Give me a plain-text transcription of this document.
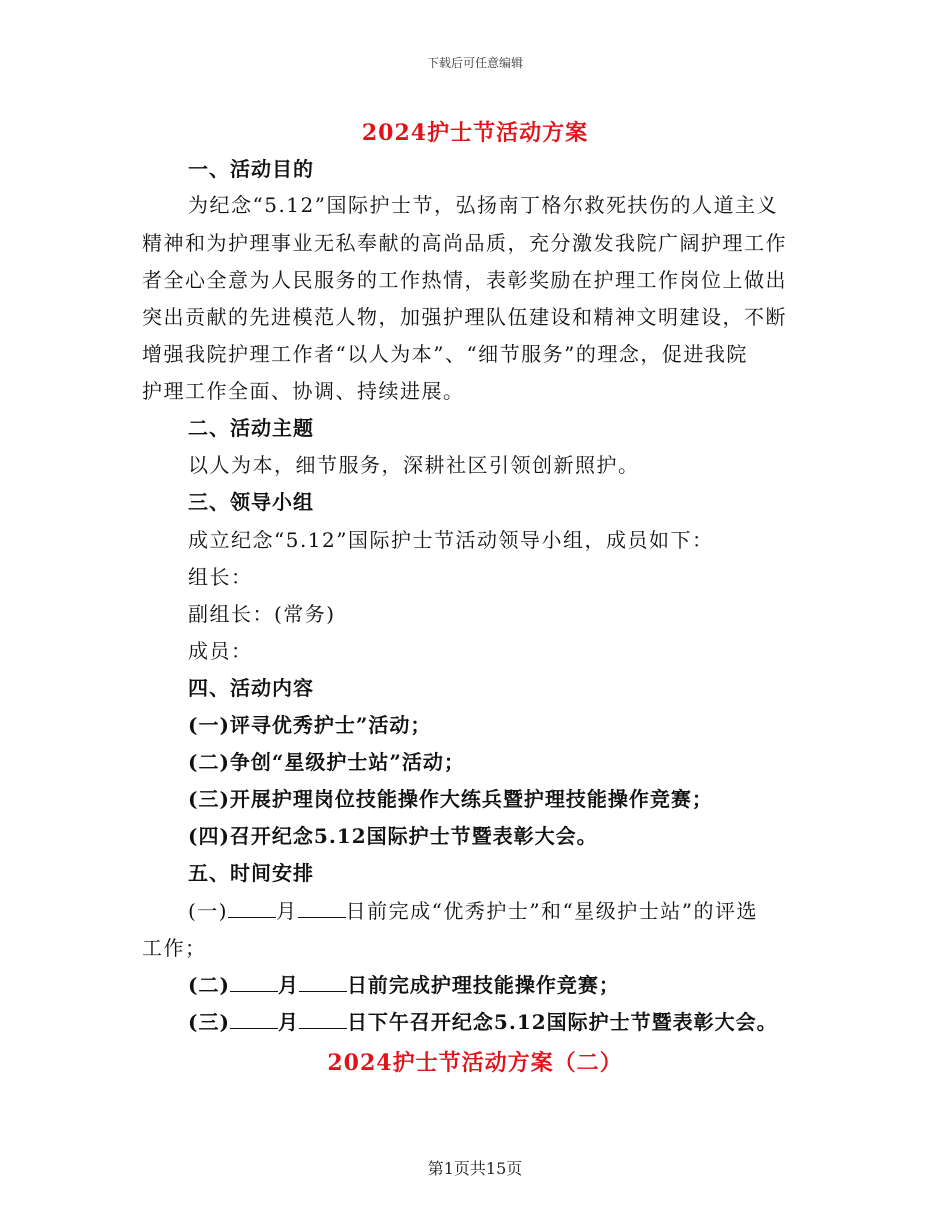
下载后可任意编辑
2024护士节活动方案
一、活动目的
为纪念“5.12”国际护士节，弘扬南丁格尔救死扶伤的人道主义
精神和为护理事业无私奉献的高尚品质，充分激发我院广阔护理工作
者全心全意为人民服务的工作热情，表彰奖励在护理工作岗位上做出
突出贡献的先进模范人物，加强护理队伍建设和精神文明建设，不断
增强我院护理工作者“以人为本”、“细节服务”的理念，促进我院
护理工作全面、协调、持续进展。
二、活动主题
以人为本，细节服务，深耕社区引领创新照护。
三、领导小组
成立纪念“5.12”国际护士节活动领导小组，成员如下：
组长：
副组长：(常务)
成员：
四、活动内容
(一)评寻优秀护士”活动；
(二)争创“星级护士站”活动；
(三)开展护理岗位技能操作大练兵暨护理技能操作竞赛；
(四)召开纪念5.12国际护士节暨表彰大会。
五、时间安排
(一) 月 日前完成“优秀护士”和“星级护士站”的评选
工作；
(二) 月 日前完成护理技能操作竞赛；
(三) 月 日下午召开纪念5.12国际护士节暨表彰大会。
2024护士节活动方案（二）
第1页共15页
